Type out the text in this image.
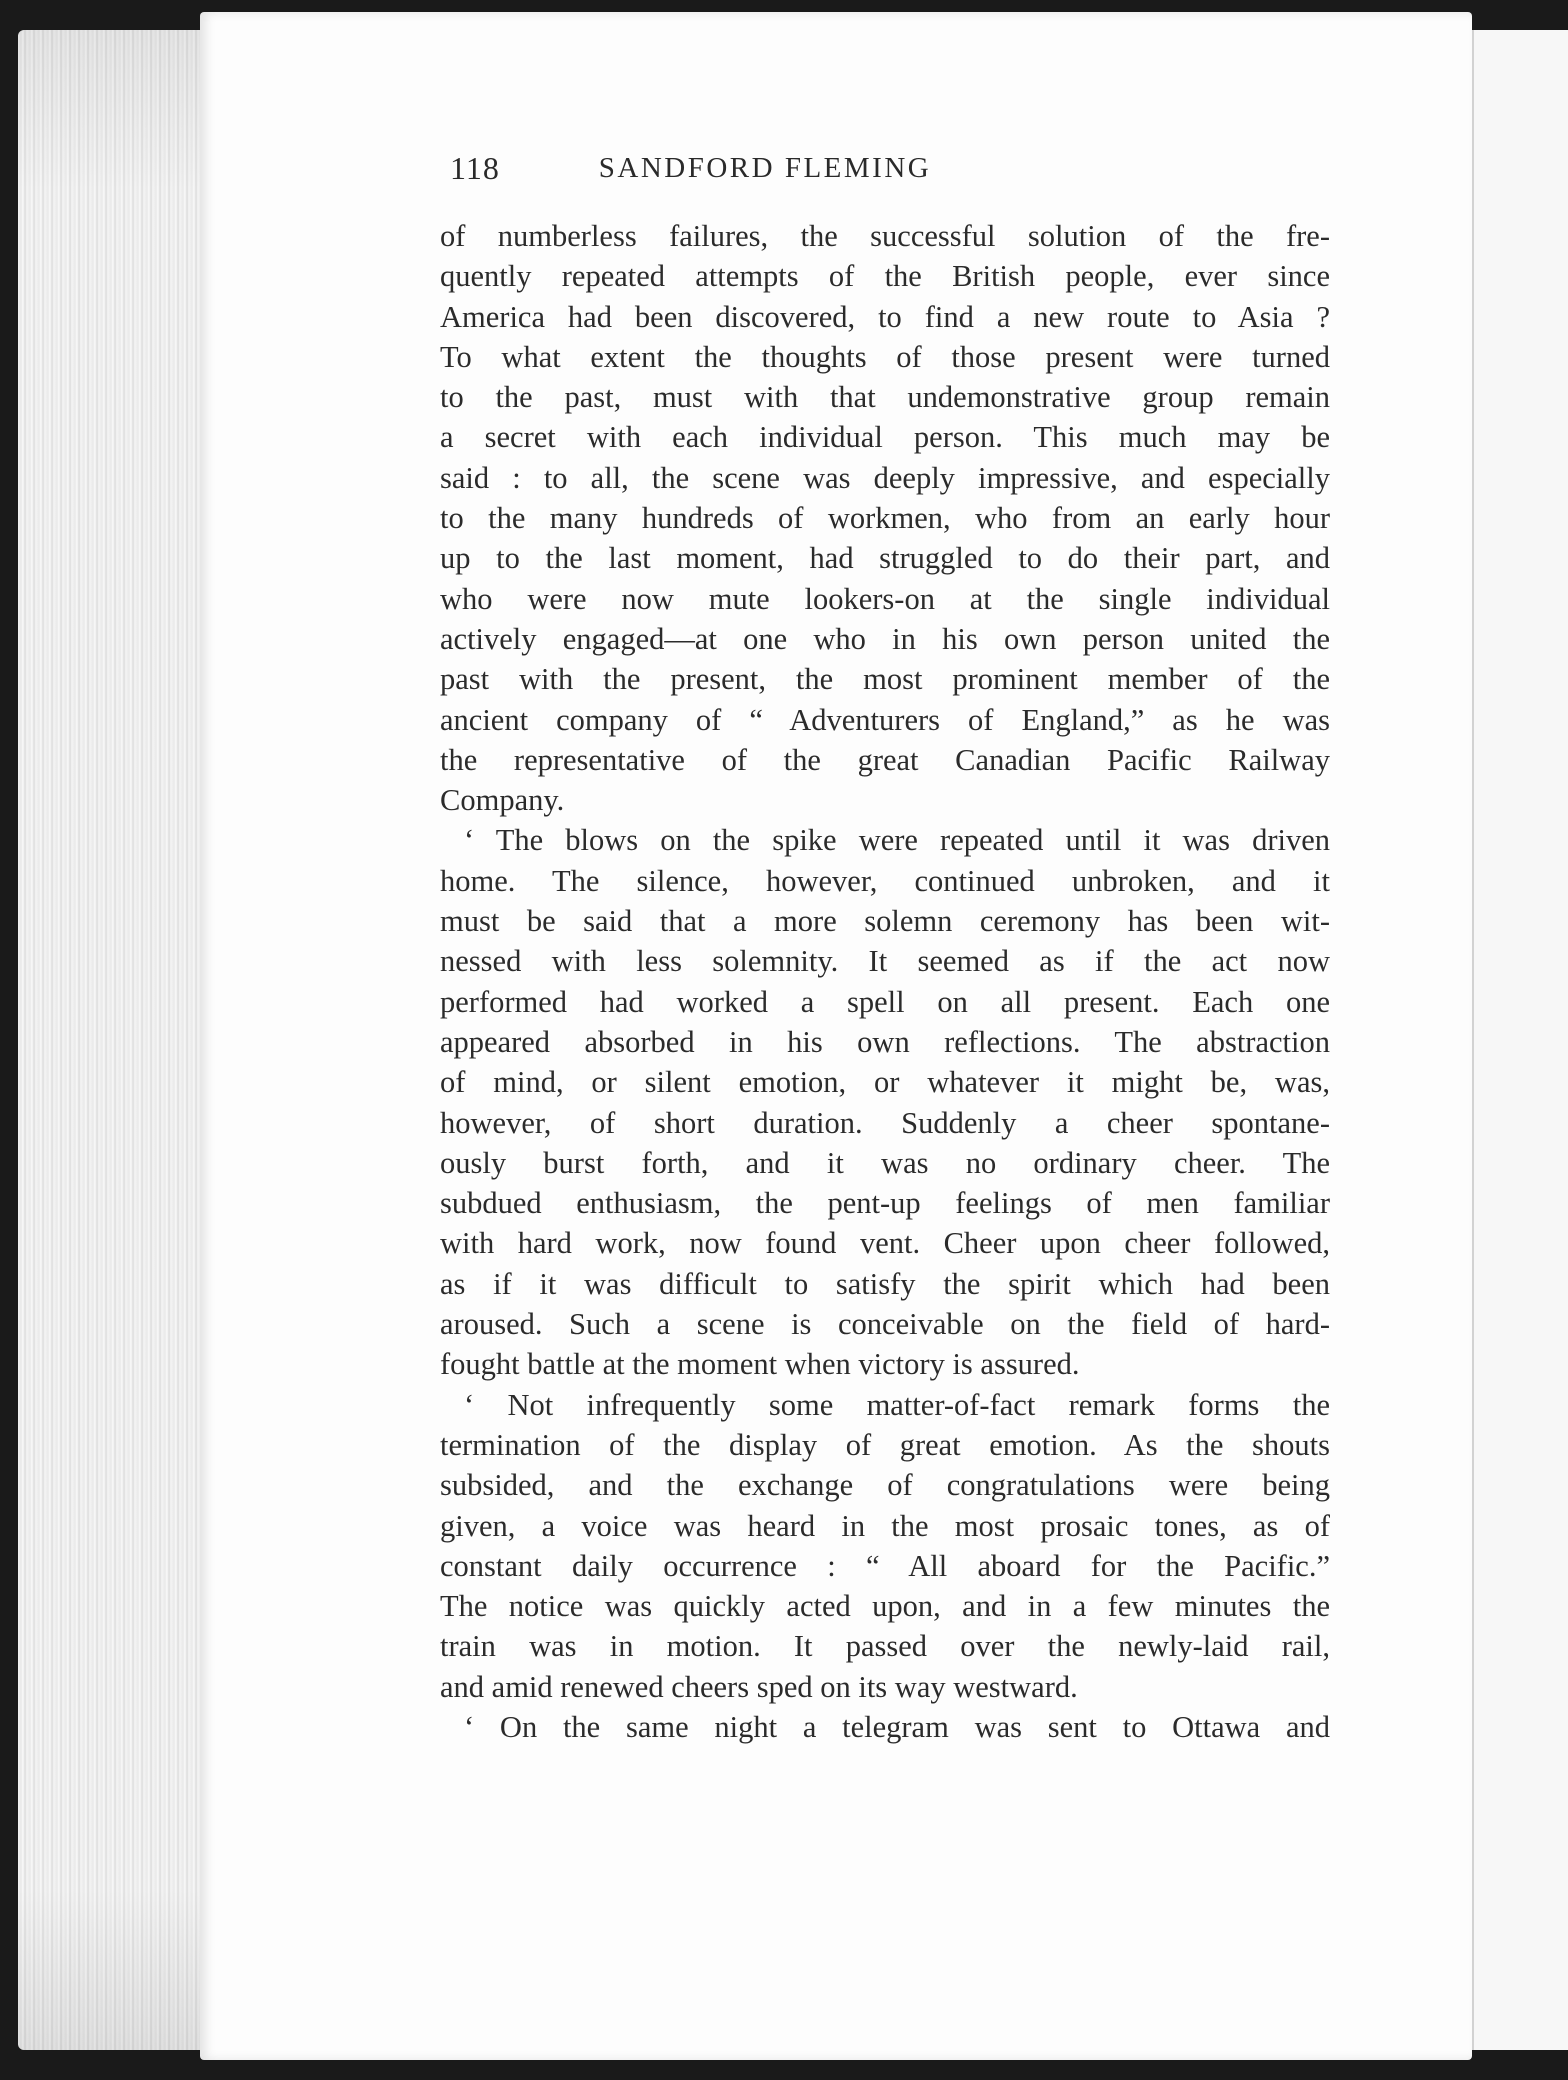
118	SANDFORD FLEMING
of numberless failures, the successful solution of the fre-
quently repeated attempts of the British people, ever since
America had been discovered, to find a new route to Asia ?
To what extent the thoughts of those present were turned
to the past, must with that undemonstrative group remain
a secret with each individual person. This much may be
said : to all, the scene was deeply impressive, and especially
to the many hundreds of workmen, who from an early hour
up to the last moment, had struggled to do their part, and
who were now mute lookers-on at the single individual
actively engaged—at one who in his own person united the
past with the present, the most prominent member of the
ancient company of “ Adventurers of England,” as he was
the representative of the great Canadian Pacific Railway
Company.
‘ The blows on the spike were repeated until it was driven
home. The silence, however, continued unbroken, and it
must be said that a more solemn ceremony has been wit-
nessed with less solemnity. It seemed as if the act now
performed had worked a spell on all present. Each one
appeared absorbed in his own reflections. The abstraction
of mind, or silent emotion, or whatever it might be, was,
however, of short duration. Suddenly a cheer spontane-
ously burst forth, and it was no ordinary cheer. The
subdued enthusiasm, the pent-up feelings of men familiar
with hard work, now found vent. Cheer upon cheer followed,
as if it was difficult to satisfy the spirit which had been
aroused. Such a scene is conceivable on the field of hard-
fought battle at the moment when victory is assured.
‘ Not infrequently some matter-of-fact remark forms the
termination of the display of great emotion. As the shouts
subsided, and the exchange of congratulations were being
given, a voice was heard in the most prosaic tones, as of
constant daily occurrence : “ All aboard for the Pacific.”
The notice was quickly acted upon, and in a few minutes the
train was in motion. It passed over the newly-laid rail,
and amid renewed cheers sped on its way westward.
‘ On the same night a telegram was sent to Ottawa and
